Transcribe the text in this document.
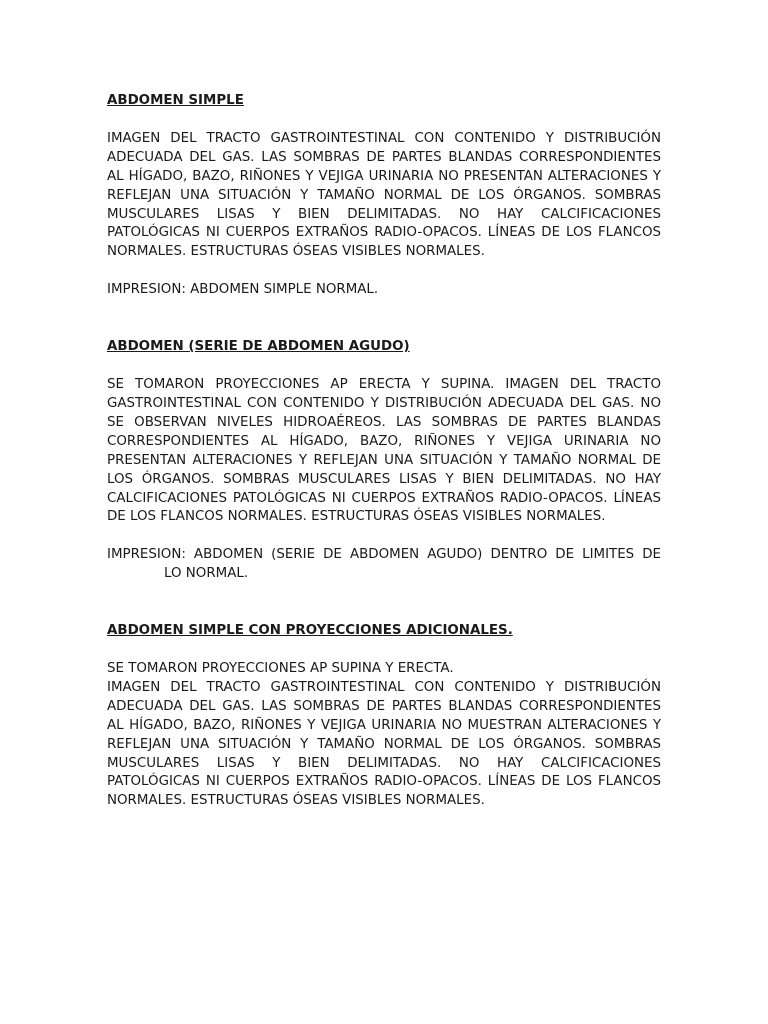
ABDOMEN SIMPLE

IMAGEN DEL TRACTO GASTROINTESTINAL CON CONTENIDO Y DISTRIBUCIÓN ADECUADA DEL GAS. LAS SOMBRAS DE PARTES BLANDAS CORRESPONDIENTES AL HÍGADO, BAZO, RIÑONES Y VEJIGA URINARIA NO PRESENTAN ALTERACIONES Y REFLEJAN UNA SITUACIÓN Y TAMAÑO NORMAL DE LOS ÓRGANOS. SOMBRAS MUSCULARES LISAS Y BIEN DELIMITADAS. NO HAY CALCIFICACIONES PATOLÓGICAS NI CUERPOS EXTRAÑOS RADIO-OPACOS. LÍNEAS DE LOS FLANCOS NORMALES. ESTRUCTURAS ÓSEAS VISIBLES NORMALES.

IMPRESION: ABDOMEN SIMPLE NORMAL.

ABDOMEN (SERIE DE ABDOMEN AGUDO)

SE TOMARON PROYECCIONES AP ERECTA Y SUPINA. IMAGEN DEL TRACTO GASTROINTESTINAL CON CONTENIDO Y DISTRIBUCIÓN ADECUADA DEL GAS. NO SE OBSERVAN NIVELES HIDROAÉREOS. LAS SOMBRAS DE PARTES BLANDAS CORRESPONDIENTES AL HÍGADO, BAZO, RIÑONES Y VEJIGA URINARIA NO PRESENTAN ALTERACIONES Y REFLEJAN UNA SITUACIÓN Y TAMAÑO NORMAL DE LOS ÓRGANOS. SOMBRAS MUSCULARES LISAS Y BIEN DELIMITADAS. NO HAY CALCIFICACIONES PATOLÓGICAS NI CUERPOS EXTRAÑOS RADIO-OPACOS. LÍNEAS DE LOS FLANCOS NORMALES. ESTRUCTURAS ÓSEAS VISIBLES NORMALES.

IMPRESION: ABDOMEN (SERIE DE ABDOMEN AGUDO) DENTRO DE LIMITES DE

LO NORMAL.

ABDOMEN SIMPLE CON PROYECCIONES ADICIONALES.

SE TOMARON PROYECCIONES AP SUPINA Y ERECTA.

IMAGEN DEL TRACTO GASTROINTESTINAL CON CONTENIDO Y DISTRIBUCIÓN ADECUADA DEL GAS. LAS SOMBRAS DE PARTES BLANDAS CORRESPONDIENTES AL HÍGADO, BAZO, RIÑONES Y VEJIGA URINARIA NO MUESTRAN ALTERACIONES Y REFLEJAN UNA SITUACIÓN Y TAMAÑO NORMAL DE LOS ÓRGANOS. SOMBRAS MUSCULARES LISAS Y BIEN DELIMITADAS. NO HAY CALCIFICACIONES PATOLÓGICAS NI CUERPOS EXTRAÑOS RADIO-OPACOS. LÍNEAS DE LOS FLANCOS NORMALES. ESTRUCTURAS ÓSEAS VISIBLES NORMALES.
